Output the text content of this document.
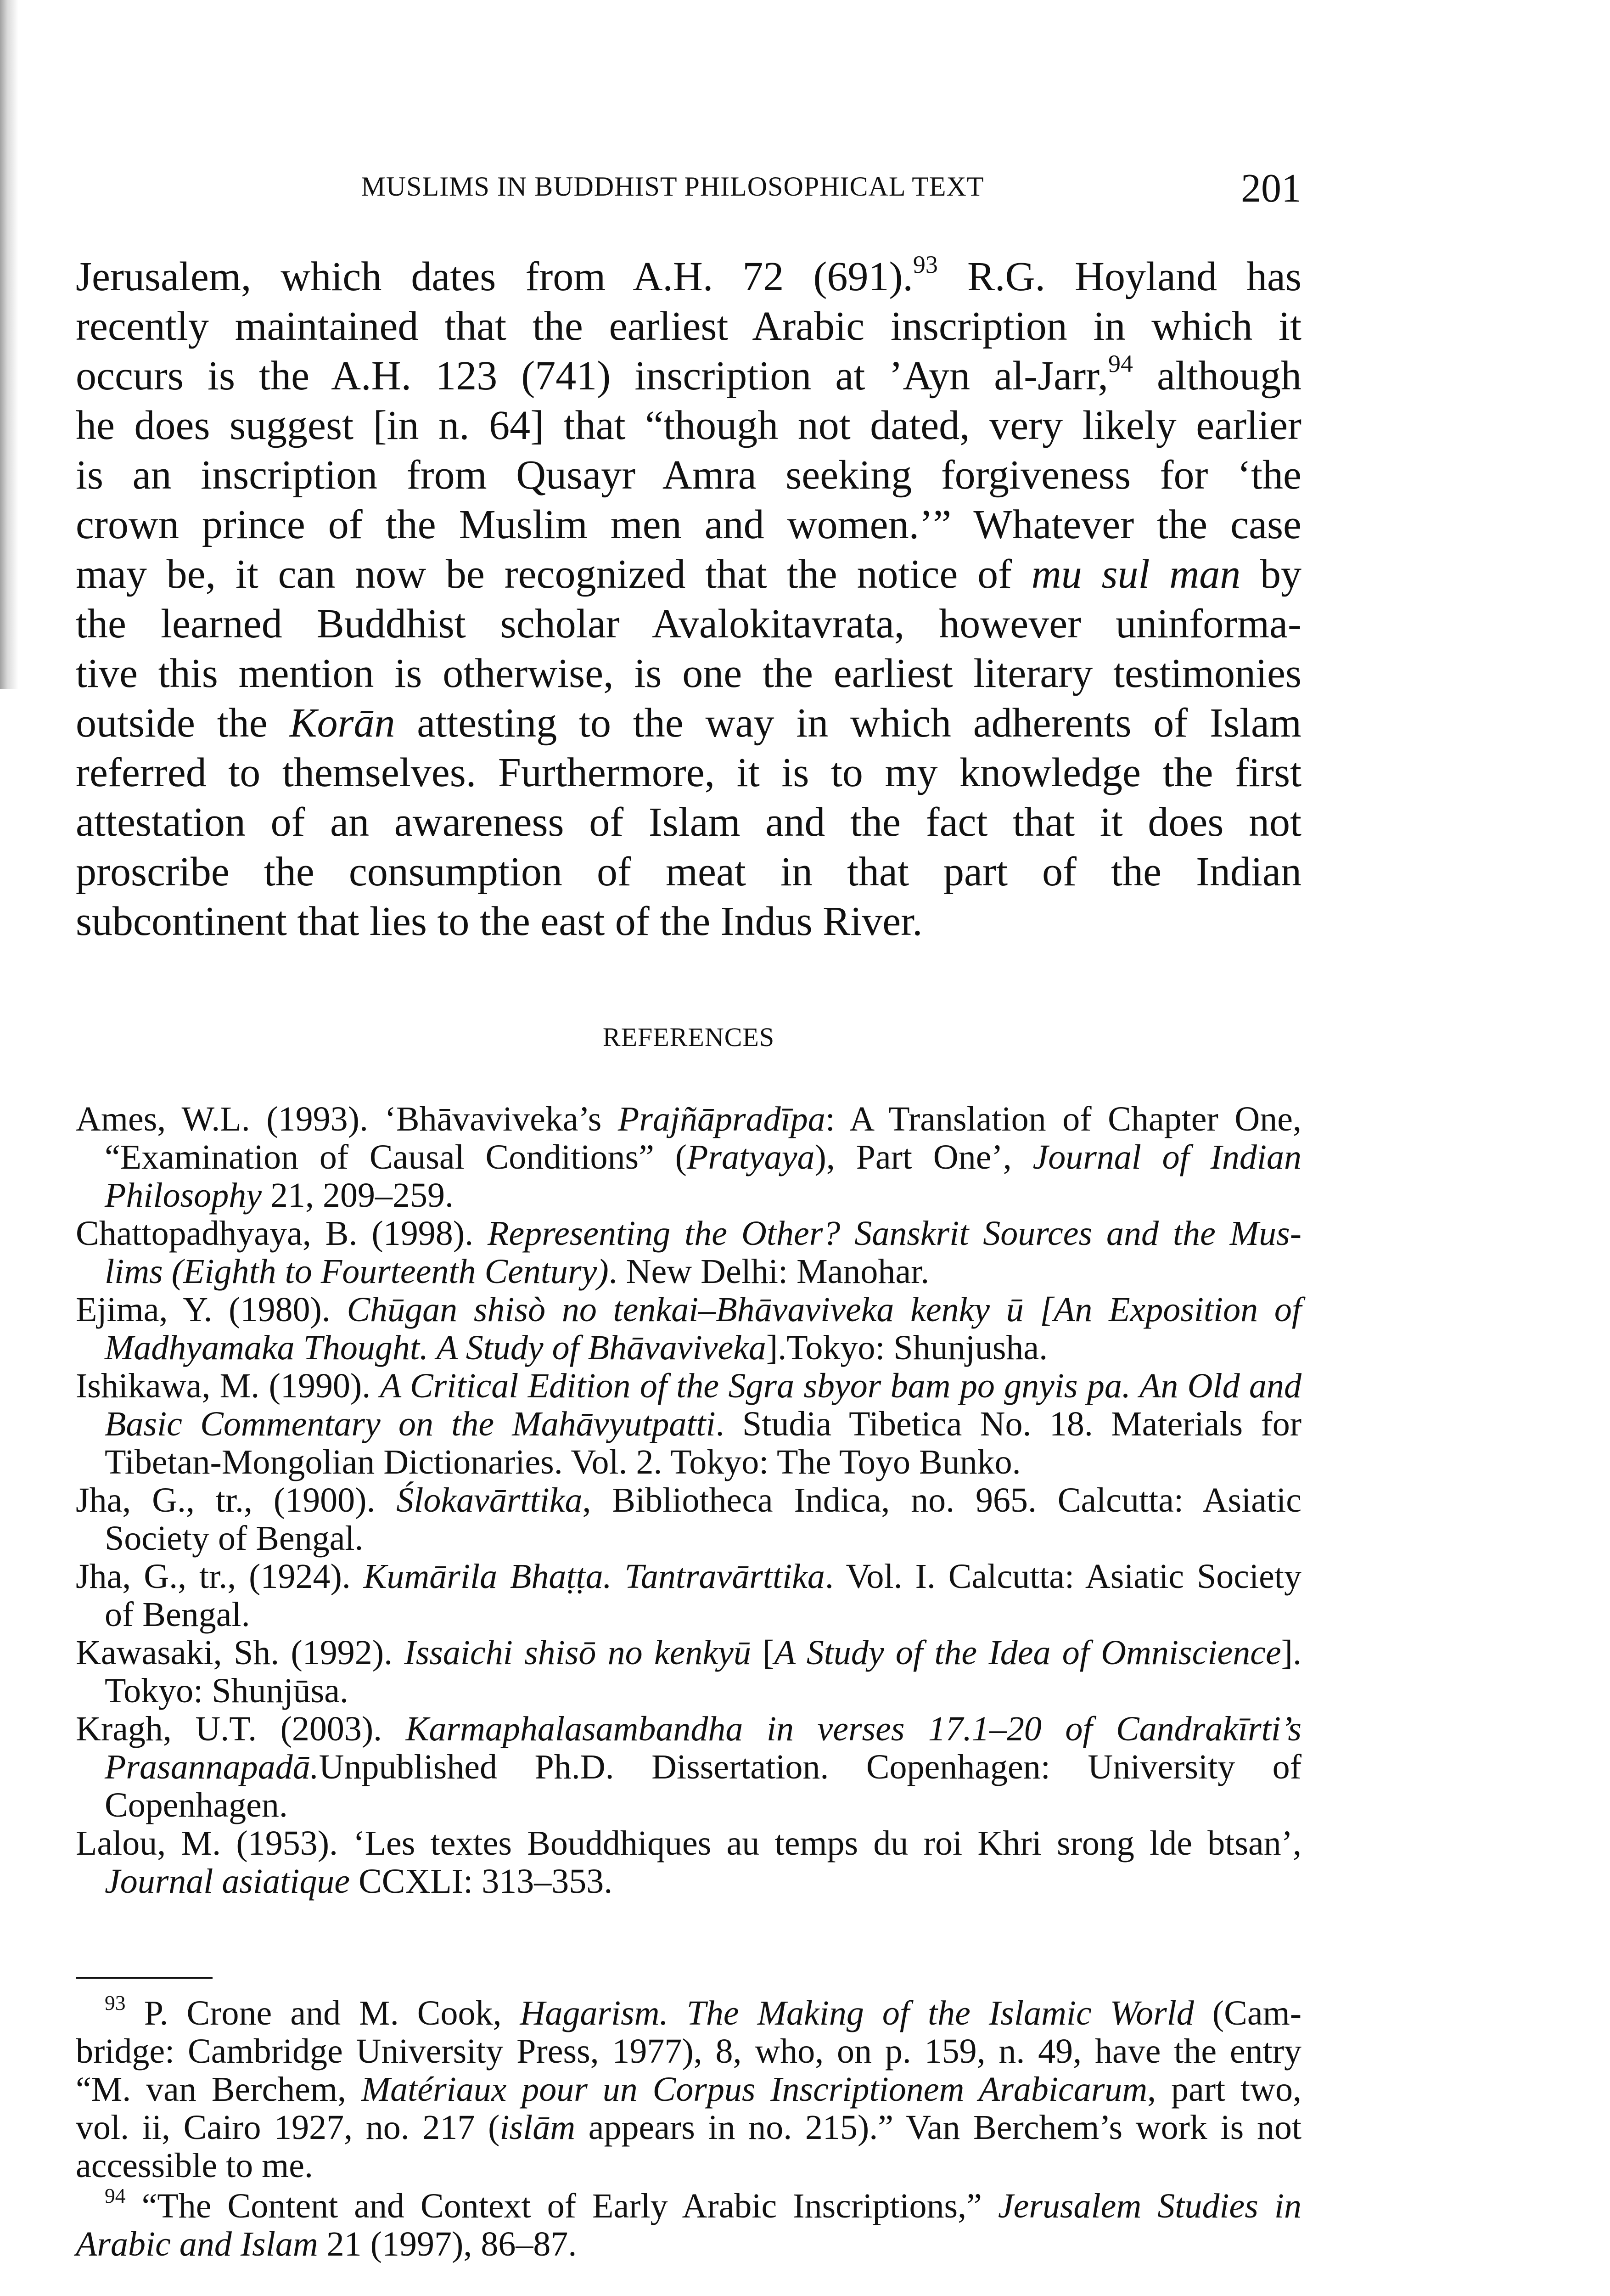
MUSLIMS IN BUDDHIST PHILOSOPHICAL TEXT	201
Jerusalem, which dates from A.H. 72 (691).$^{93}$ R.G. Hoyland has
recently maintained that the earliest Arabic inscription in which it
occurs is the A.H. 123 (741) inscription at ’Ayn al-Jarr,$^{94}$ although
he does suggest [in n. 64] that “though not dated, very likely earlier
is an inscription from Qusayr Amra seeking forgiveness for ‘the
crown prince of the Muslim men and women.’” Whatever the case
may be, it can now be recognized that the notice of mu sul man by
the learned Buddhist scholar Avalokitavrata, however uninforma-
tive this mention is otherwise, is one the earliest literary testimonies
outside the Korān attesting to the way in which adherents of Islam
referred to themselves. Furthermore, it is to my knowledge the first
attestation of an awareness of Islam and the fact that it does not
proscribe the consumption of meat in that part of the Indian
subcontinent that lies to the east of the Indus River.
REFERENCES
Ames, W.L. (1993). ‘Bhāvaviveka’s Prajñāpradīpa: A Translation of Chapter One,
“Examination of Causal Conditions” (Pratyaya), Part One’, Journal of Indian
Philosophy 21, 209–259.
Chattopadhyaya, B. (1998). Representing the Other? Sanskrit Sources and the Mus-
lims (Eighth to Fourteenth Century). New Delhi: Manohar.
Ejima, Y. (1980). Chūgan shisò no tenkai–Bhāvaviveka kenky ū [An Exposition of
Madhyamaka Thought. A Study of Bhāvaviveka].Tokyo: Shunjusha.
Ishikawa, M. (1990). A Critical Edition of the Sgra sbyor bam po gnyis pa. An Old and
Basic Commentary on the Mahāvyutpatti. Studia Tibetica No. 18. Materials for
Tibetan-Mongolian Dictionaries. Vol. 2. Tokyo: The Toyo Bunko.
Jha, G., tr., (1900). Ślokavārttika, Bibliotheca Indica, no. 965. Calcutta: Asiatic
Society of Bengal.
Jha, G., tr., (1924). Kumārila Bhaṭṭa. Tantravārttika. Vol. I. Calcutta: Asiatic Society
of Bengal.
Kawasaki, Sh. (1992). Issaichi shisō no kenkyū [A Study of the Idea of Omniscience].
Tokyo: Shunjūsa.
Kragh, U.T. (2003). Karmaphalasambandha in verses 17.1–20 of Candrakīrti’s
Prasannapadā.Unpublished Ph.D. Dissertation. Copenhagen: University of
Copenhagen.
Lalou, M. (1953). ‘Les textes Bouddhiques au temps du roi Khri srong lde btsan’,
Journal asiatique CCXLI: 313–353.
$^{93}$ P. Crone and M. Cook, Hagarism. The Making of the Islamic World (Cam-
bridge: Cambridge University Press, 1977), 8, who, on p. 159, n. 49, have the entry
“M. van Berchem, Matériaux pour un Corpus Inscriptionem Arabicarum, part two,
vol. ii, Cairo 1927, no. 217 (islām appears in no. 215).” Van Berchem’s work is not
accessible to me.
$^{94}$ “The Content and Context of Early Arabic Inscriptions,” Jerusalem Studies in
Arabic and Islam 21 (1997), 86–87.
